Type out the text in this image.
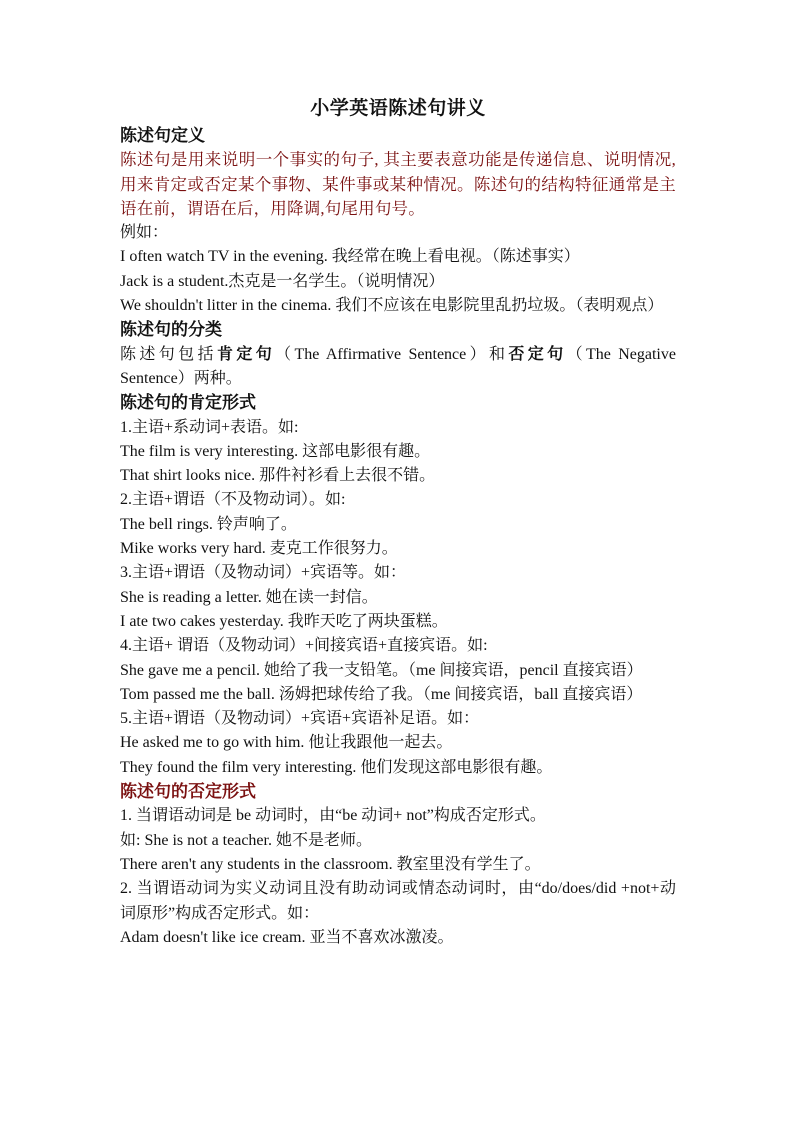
小学英语陈述句讲义
陈述句定义
陈述句是用来说明一个事实的句子, 其主要表意功能是传递信息、说明情况,用来肯定或否定某个事物、某件事或某种情况。陈述句的结构特征通常是主语在前，谓语在后，用降调,句尾用句号。
例如：
I often watch TV in the evening. 我经常在晚上看电视。（陈述事实）
Jack is a student.杰克是一名学生。（说明情况）
We shouldn't litter in the cinema. 我们不应该在电影院里乱扔垃圾。（表明观点）
陈述句的分类
陈述句包括肯定句（The Affirmative Sentence）和否定句（The Negative Sentence）两种。
陈述句的肯定形式
1.主语+系动词+表语。如:
The film is very interesting. 这部电影很有趣。
That shirt looks nice. 那件衬衫看上去很不错。
2.主语+谓语（不及物动词）。如:
The bell rings. 铃声响了。
Mike works very hard. 麦克工作很努力。
3.主语+谓语（及物动词）+宾语等。如：
She is reading a letter. 她在读一封信。
I ate two cakes yesterday. 我昨天吃了两块蛋糕。
4.主语+ 谓语（及物动词）+间接宾语+直接宾语。如:
She gave me a pencil. 她给了我一支铅笔。（me 间接宾语，pencil 直接宾语）
Tom passed me the ball. 汤姆把球传给了我。（me 间接宾语，ball 直接宾语）
5.主语+谓语（及物动词）+宾语+宾语补足语。如：
He asked me to go with him. 他让我跟他一起去。
They found the film very interesting. 他们发现这部电影很有趣。
陈述句的否定形式
1. 当谓语动词是 be 动词时，由“be 动词+ not”构成否定形式。
如: She is not a teacher. 她不是老师。
There aren't any students in the classroom. 教室里没有学生了。
2. 当谓语动词为实义动词且没有助动词或情态动词时，由“do/does/did +not+动词原形”构成否定形式。如：
Adam doesn't like ice cream. 亚当不喜欢冰激凌。
